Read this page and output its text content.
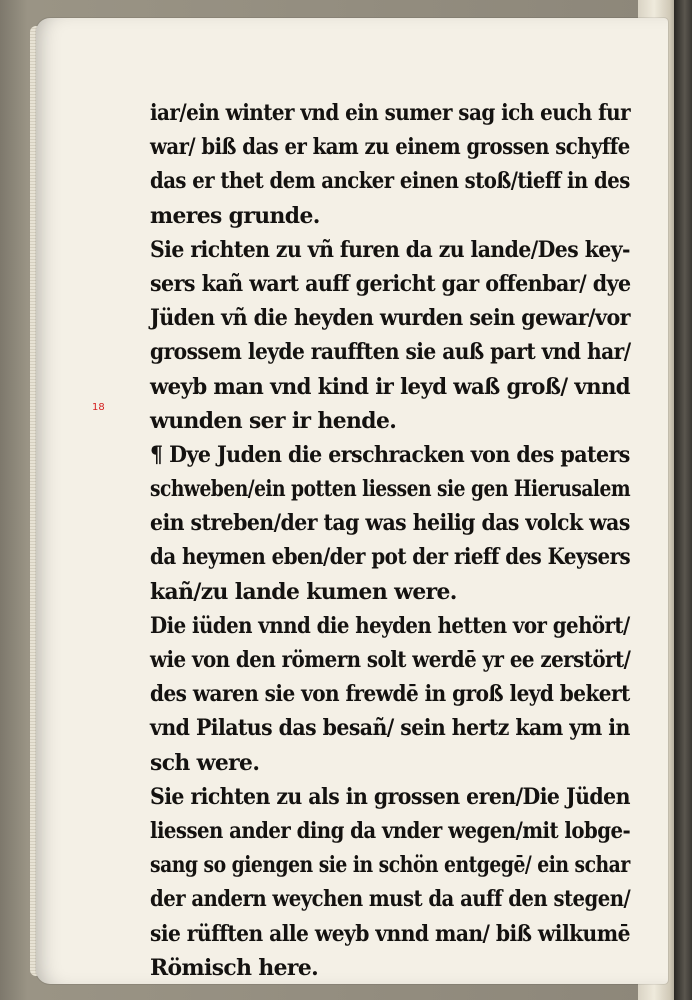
18
iar/ein winter vnd ein sumer sag ich euch fur
war/ biß das er kam zu einem grossen schyffe
das er thet dem ancker einen stoß/tieff in des
meres grunde.
Sie richten zu vñ furen da zu lande/Des key-
sers kañ wart auff gericht gar offenbar/ dye
Jüden vñ die heyden wurden sein gewar/vor
grossem leyde raufften sie auß part vnd har/
weyb man vnd kind ir leyd waß groß/ vnnd
wunden ser ir hende.
¶ Dye Juden die erschracken von des paters
schweben/ein potten liessen sie gen Hierusalem
ein streben/der tag was heilig das volck was
da heymen eben/der pot der rieff des Keysers
kañ/zu lande kumen were.
Die iüden vnnd die heyden hetten vor gehört/
wie von den römern solt werdē yr ee zerstört/
des waren sie von frewdē in groß leyd bekert
vnd Pilatus das besañ/ sein hertz kam ym in
sch were.
Sie richten zu als in grossen eren/Die Jüden
liessen ander ding da vnder wegen/mit lobge-
sang so giengen sie in schön entgegē/ ein schar
der andern weychen must da auff den stegen/
sie rüfften alle weyb vnnd man/ biß wilkumē
Römisch here.
